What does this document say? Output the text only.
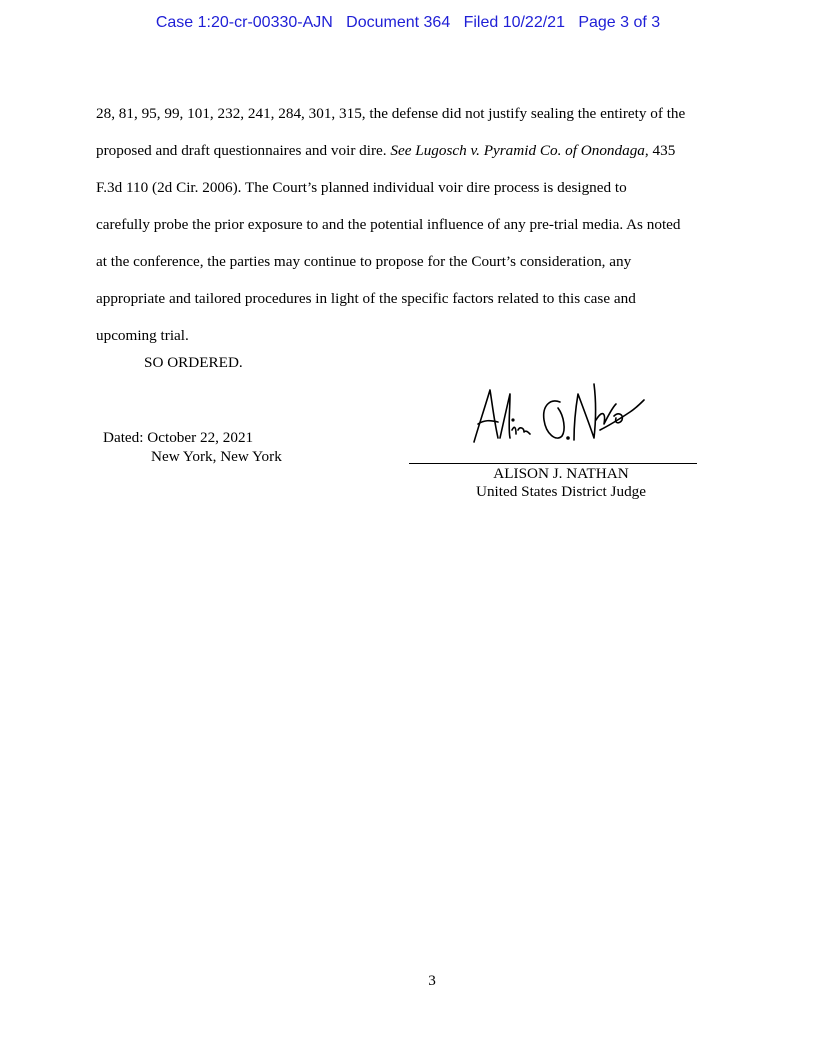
Case 1:20-cr-00330-AJN Document 364 Filed 10/22/21 Page 3 of 3
28, 81, 95, 99, 101, 232, 241, 284, 301, 315, the defense did not justify sealing the entirety of the
proposed and draft questionnaires and voir dire. See Lugosch v. Pyramid Co. of Onondaga, 435
F.3d 110 (2d Cir. 2006). The Court’s planned individual voir dire process is designed to
carefully probe the prior exposure to and the potential influence of any pre-trial media. As noted
at the conference, the parties may continue to propose for the Court’s consideration, any
appropriate and tailored procedures in light of the specific factors related to this case and
upcoming trial.
SO ORDERED.
Dated: October 22, 2021
New York, New York
ALISON J. NATHAN
United States District Judge
3
